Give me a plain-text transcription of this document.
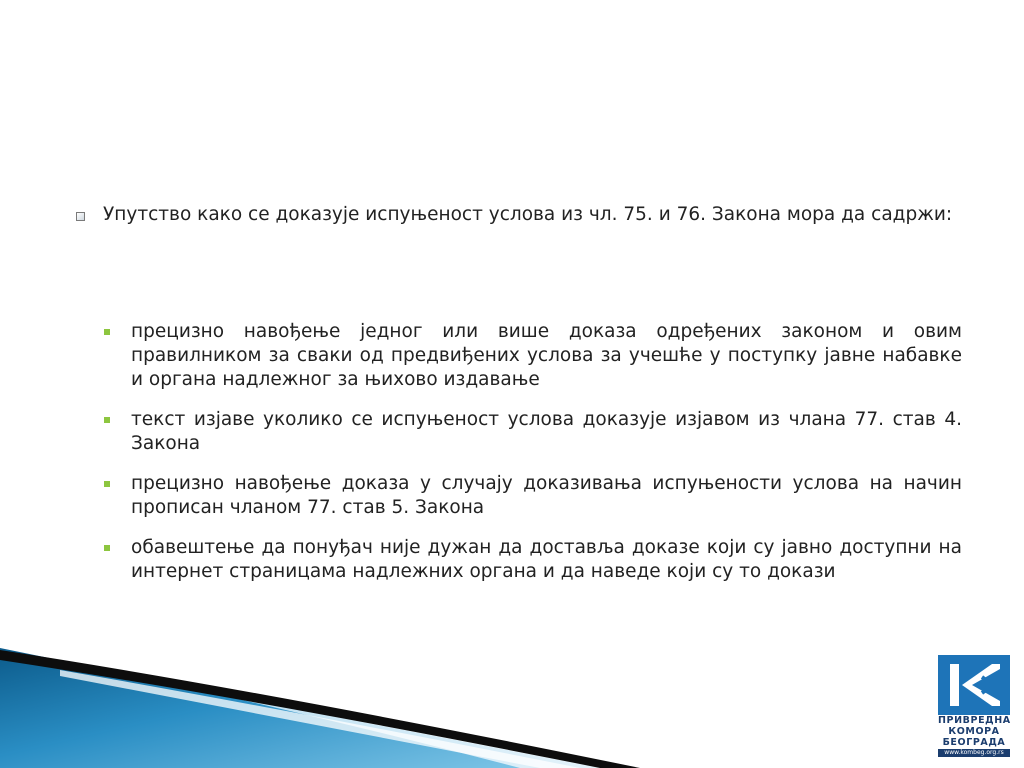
Упутство како се доказује испуњеност услова из чл. 75. и 76. Закона мора да садржи:

прецизно навођење једног или више доказа одређених законом и овим правилником за сваки од предвиђених услова за учешће у поступку јавне набавке и органа надлежног за њихово издавање

текст изјаве уколико се испуњеност услова доказује изјавом из члана 77. став 4. Закона

прецизно навођење доказа у случају доказивања испуњености услова на начин прописан чланом 77. став 5. Закона

обавештење да понуђач није дужан да доставља доказе који су јавно доступни на интернет страницама надлежних органа и да наведе који су то докази

ПРИВРЕДНА

КОМОРА

БЕОГРАДА

www.kombeg.org.rs
